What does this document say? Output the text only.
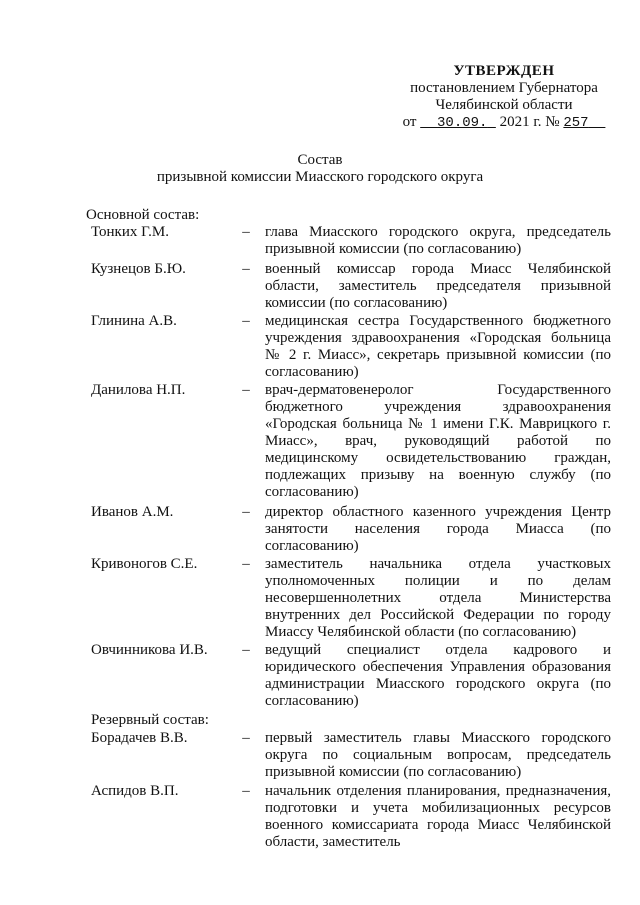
УТВЕРЖДЕН
постановлением Губернатора
Челябинской области
от 30.09. 2021 г. № 257
Состав
призывной комиссии Миасского городского округа
Основной состав:
Тонких Г.М.	– глава Миасского городского округа, председатель призывной комиссии (по согласованию)
Кузнецов Б.Ю.	– военный комиссар города Миасс Челябинской области, заместитель председателя призывной комиссии (по согласованию)
Глинина А.В.	– медицинская сестра Государственного бюджетного учреждения здравоохранения «Городская больница № 2 г. Миасс», секретарь призывной комиссии (по согласованию)
Данилова Н.П.	– врач-дерматовенеролог Государственного бюджетного учреждения здравоохранения «Городская больница № 1 имени Г.К. Маврицкого г. Миасс», врач, руководящий работой по медицинскому освидетельствованию граждан, подлежащих призыву на военную службу (по согласованию)
Иванов А.М.	– директор областного казенного учреждения Центр занятости населения города Миасса (по согласованию)
Кривоногов С.Е.	– заместитель начальника отдела участковых уполномоченных полиции и по делам несовершеннолетних отдела Министерства внутренних дел Российской Федерации по городу Миассу Челябинской области (по согласованию)
Овчинникова И.В.	– ведущий специалист отдела кадрового и юридического обеспечения Управления образования администрации Миасского городского округа (по согласованию)
Резервный состав:
Борадачев В.В.	– первый заместитель главы Миасского городского округа по социальным вопросам, председатель призывной комиссии (по согласованию)
Аспидов В.П.	– начальник отделения планирования, предназначения, подготовки и учета мобилизационных ресурсов военного комиссариата города Миасс Челябинской области, заместитель
